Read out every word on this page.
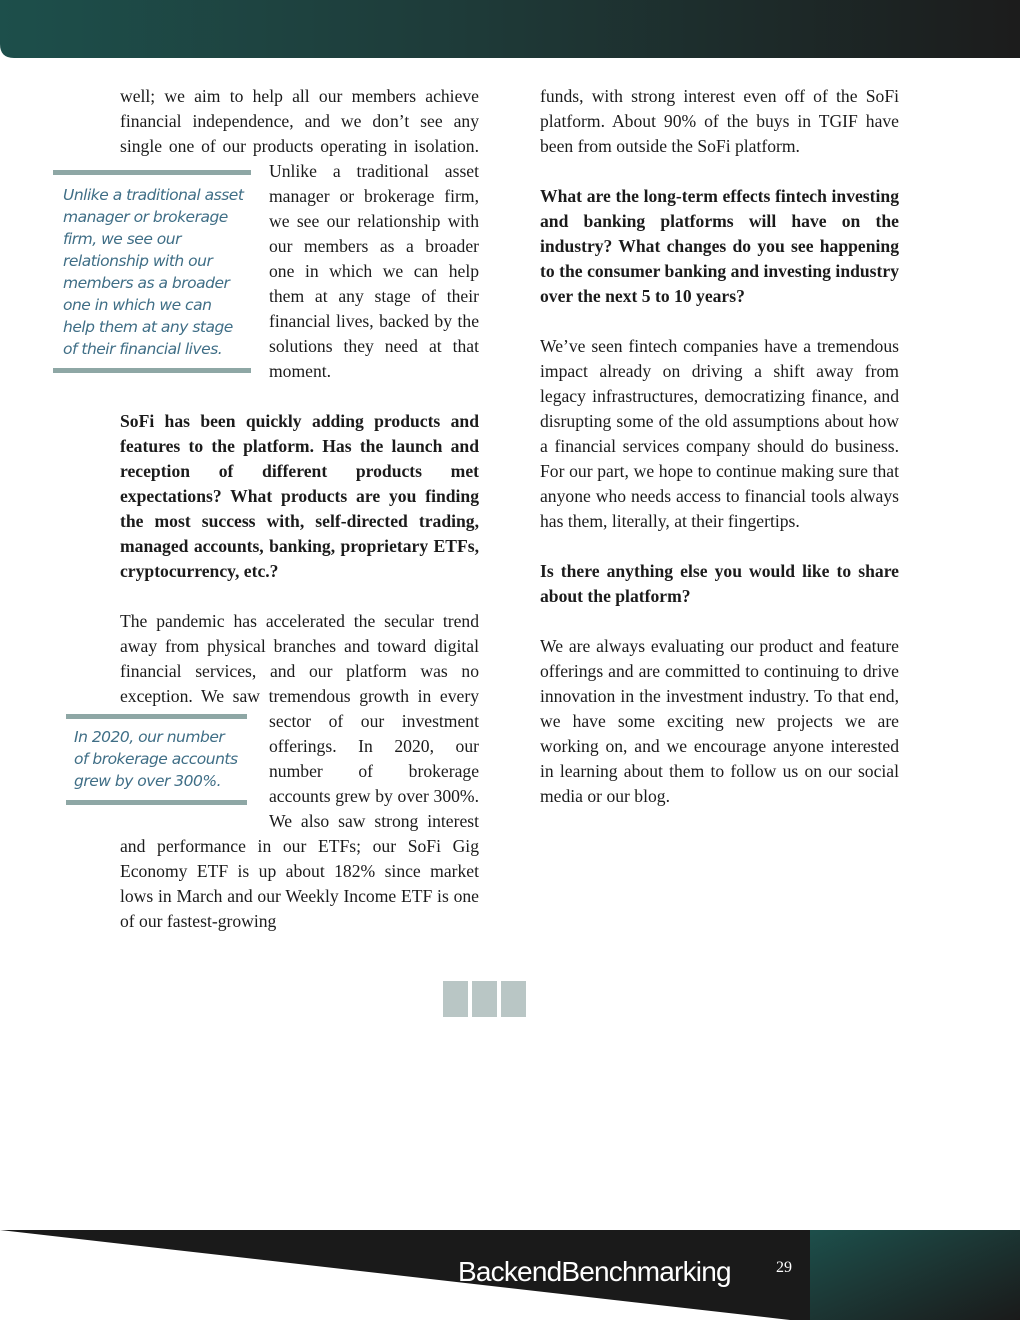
well; we aim to help all our members achieve financial independence, and we don’t see any single one of our products operating in isolation.
Unlike a traditional asset manager or brokerage firm, we see our relationship with our members as a broader one in which we can help them at any stage of their financial lives.
Unlike a traditional asset manager or brokerage firm, we see our relationship with our members as a broader one in which we can help them at any stage of their financial lives, backed by the solutions they need at that moment.

SoFi has been quickly adding products and features to the platform. Has the launch and reception of different products met expectations? What products are you finding the most success with, self-directed trading, managed accounts, banking, proprietary ETFs, cryptocurrency, etc.?

The pandemic has accelerated the secular trend away from physical branches and toward digital financial services, and our platform was no exception. We saw tremendous growth in every
In 2020, our number of brokerage accounts grew by over 300%.
sector of our investment offerings. In 2020, our number of brokerage accounts grew by over 300%. We also saw strong interest and performance in our ETFs; our SoFi Gig Economy ETF is up about 182% since market lows in March and our Weekly Income ETF is one of our fastest-growing

funds, with strong interest even off of the SoFi platform. About 90% of the buys in TGIF have been from outside the SoFi platform.

What are the long-term effects fintech investing and banking platforms will have on the industry? What changes do you see happening to the consumer banking and investing industry over the next 5 to 10 years?

We’ve seen fintech companies have a tremendous impact already on driving a shift away from legacy infrastructures, democratizing finance, and disrupting some of the old assumptions about how a financial services company should do business. For our part, we hope to continue making sure that anyone who needs access to financial tools always has them, literally, at their fingertips.

Is there anything else you would like to share about the platform?

We are always evaluating our product and feature offerings and are committed to continuing to drive innovation in the investment industry. To that end, we have some exciting new projects we are working on, and we encourage anyone interested in learning about them to follow us on our social media or our blog.

BackendBenchmarking	29
